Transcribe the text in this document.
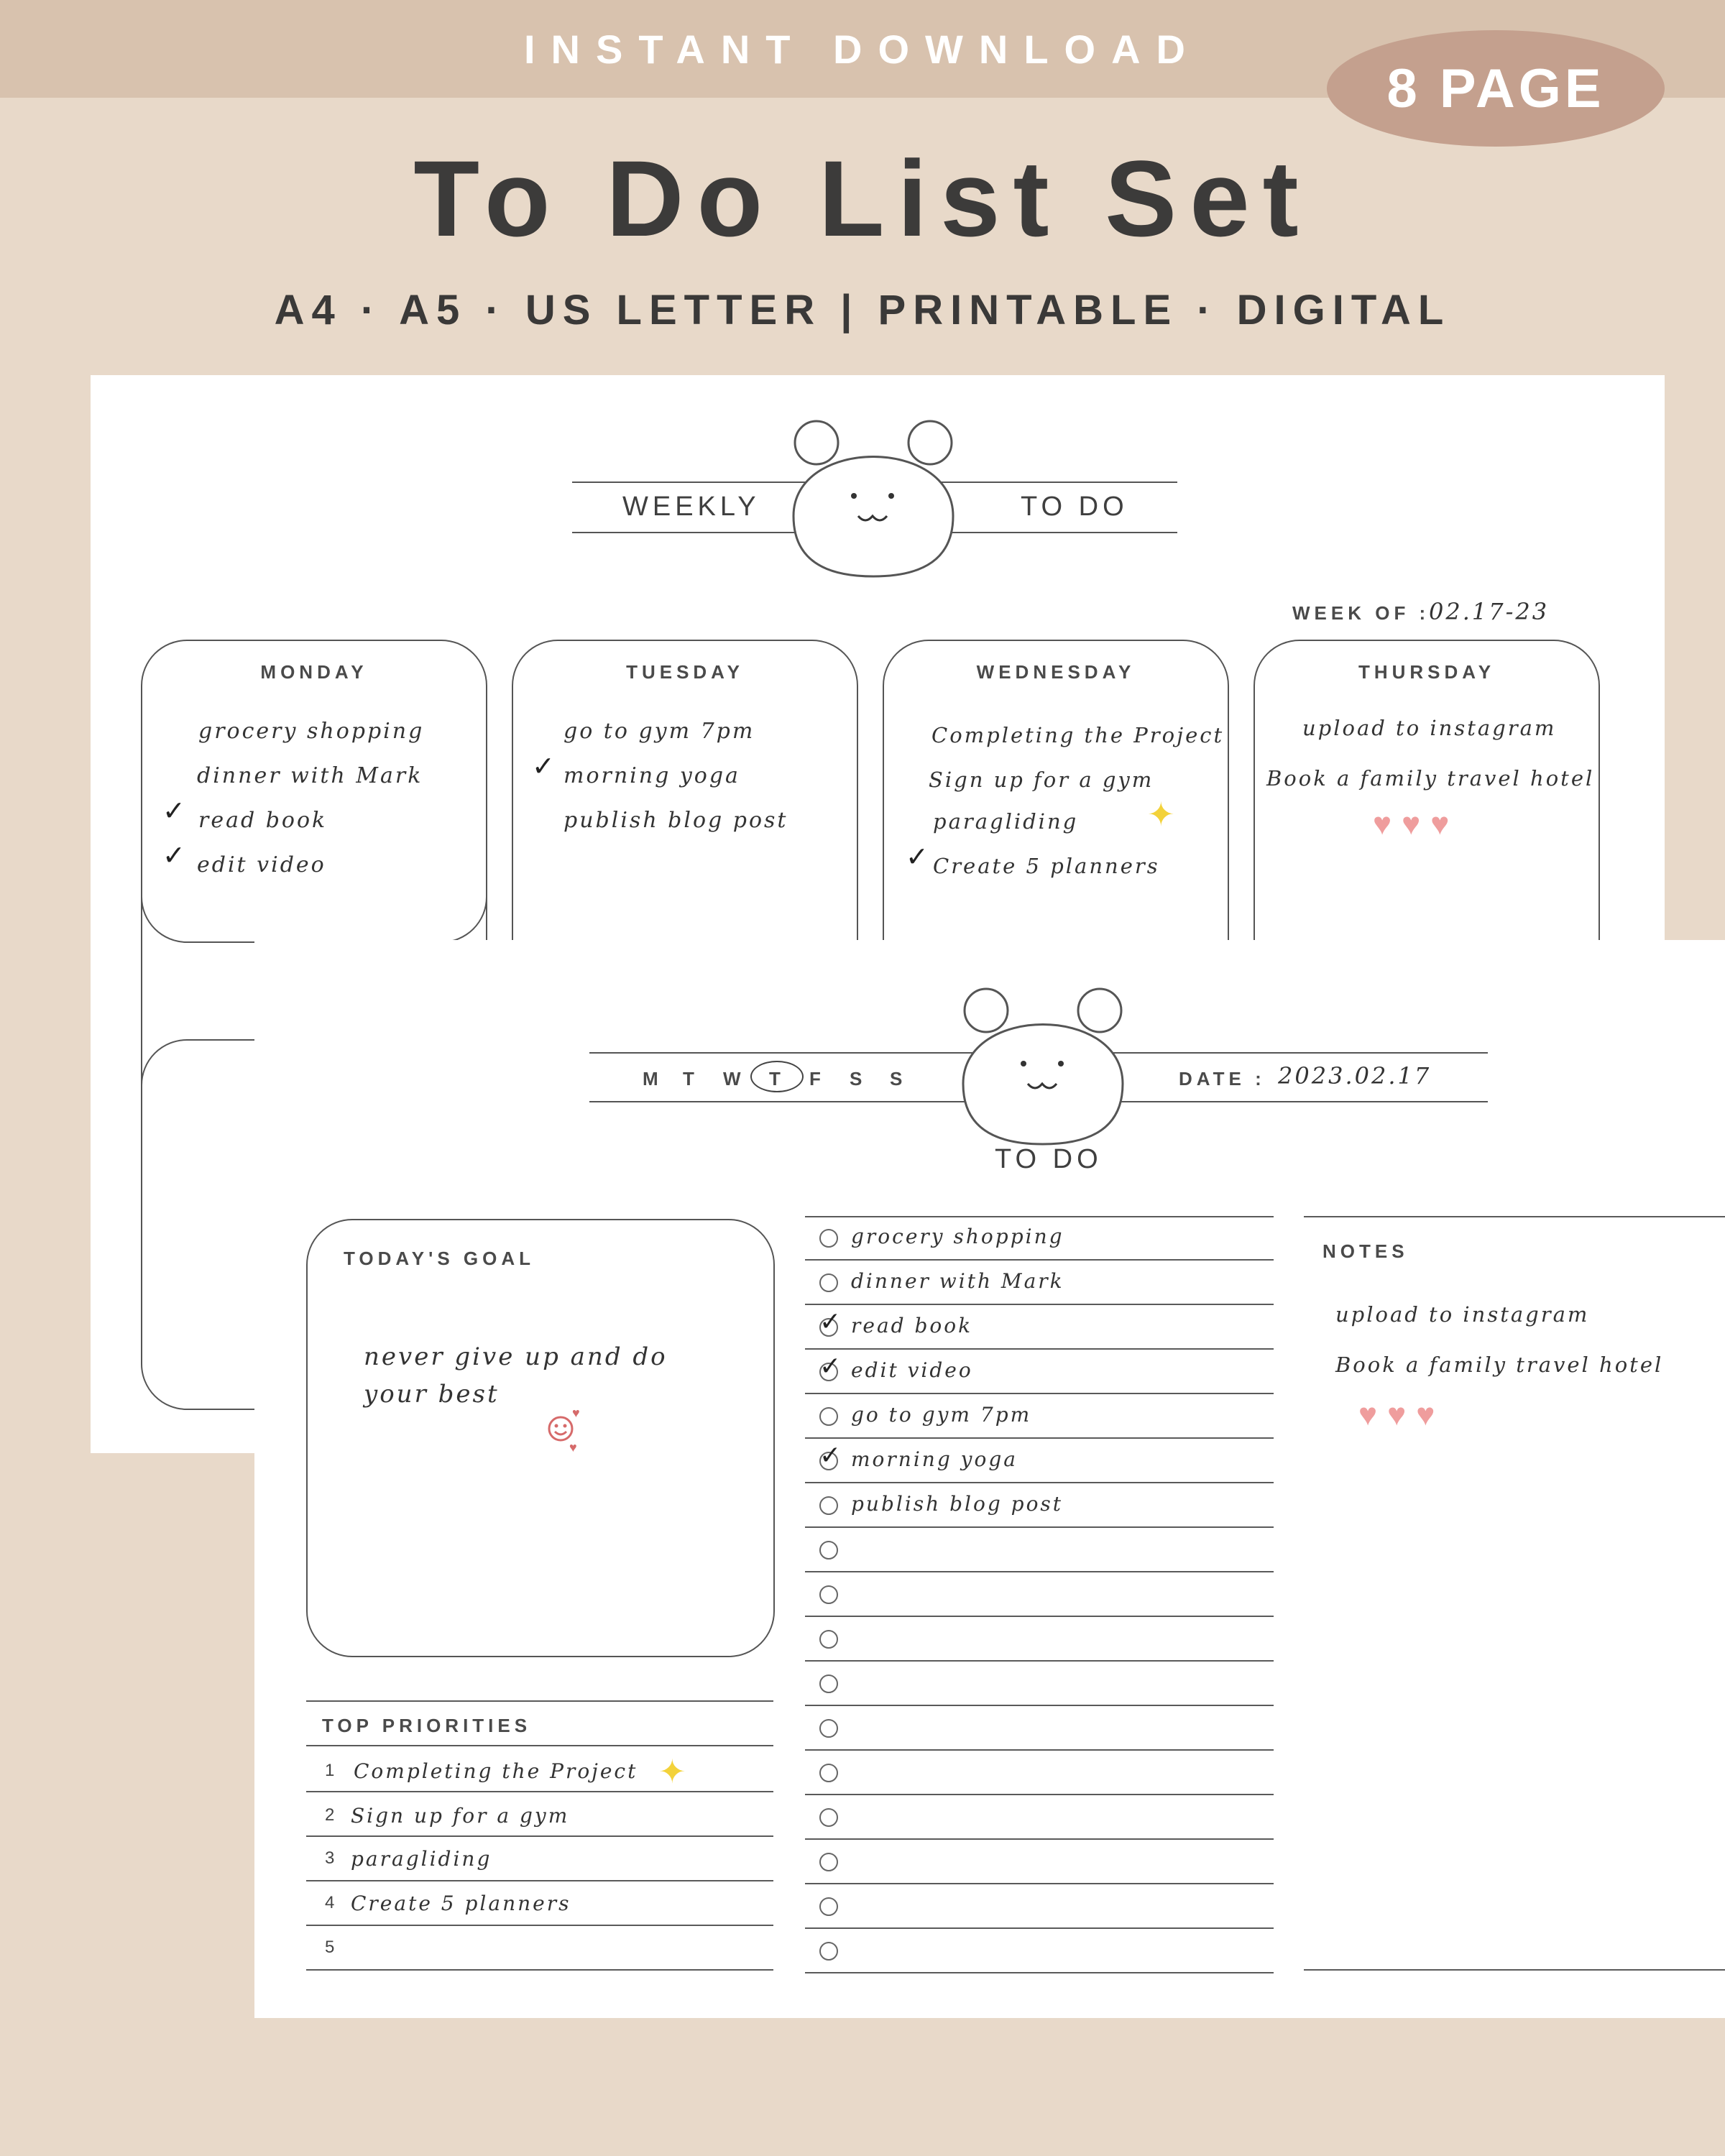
INSTANT DOWNLOAD
8 PAGE
To Do List Set
A4 · A5 · US LETTER | PRINTABLE · DIGITAL
WEEKLY	TO DO
WEEK OF :
02.17-23
MONDAY
grocery shopping
dinner with Mark
✓ read book
✓ edit video
TUESDAY
go to gym 7pm
✓ morning yoga
publish blog post
WEDNESDAY
Completing the Project
Sign up for a gym
paragliding ✦
✓ Create 5 planners
THURSDAY
upload to instagram
Book a family travel hotel
♥♥♥
M T W T F S S	DATE : 2023.02.17
TO DO
TODAY'S GOAL
never give up and do
your best
♥
♥
TOP PRIORITIES
1 Completing the Project ✦
2 Sign up for a gym
3 paragliding
4 Create 5 planners
5
grocery shopping
dinner with Mark
✓ read book
✓ edit video
go to gym 7pm
✓ morning yoga
publish blog post
NOTES
upload to instagram
Book a family travel hotel
♥♥♥
